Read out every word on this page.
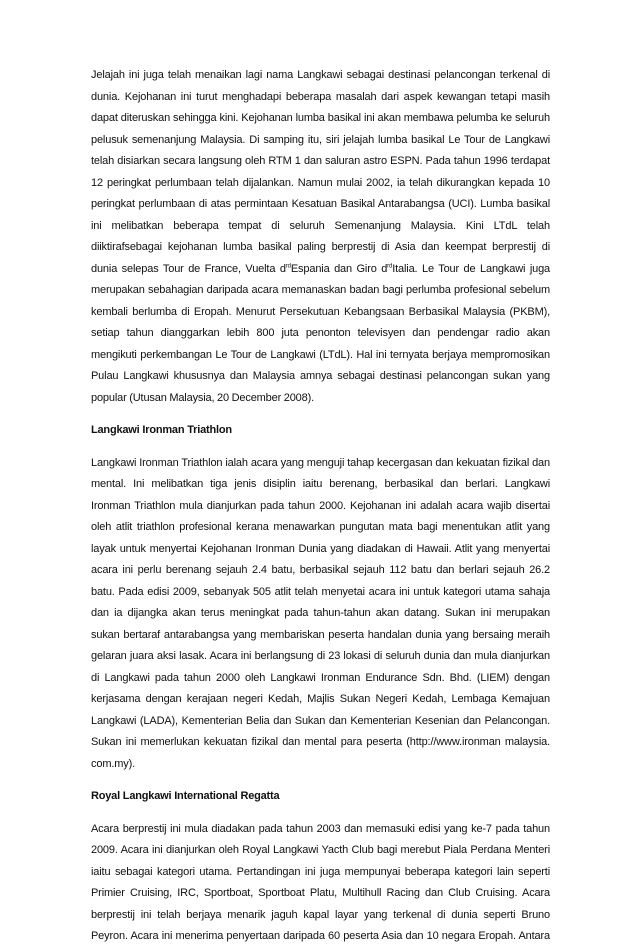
Jelajah ini juga telah menaikan lagi nama Langkawi sebagai destinasi pelancongan terkenal di
dunia. Kejohanan ini turut menghadapi beberapa masalah dari aspek kewangan tetapi masih
dapat diteruskan sehingga kini. Kejohanan lumba basikal ini akan membawa pelumba ke seluruh
pelusuk semenanjung Malaysia. Di samping itu, siri jelajah lumba basikal Le Tour de Langkawi
telah disiarkan secara langsung oleh RTM 1 dan saluran astro ESPN. Pada tahun 1996 terdapat
12 peringkat perlumbaan telah dijalankan. Namun mulai 2002, ia telah dikurangkan kepada 10
peringkat perlumbaan di atas permintaan Kesatuan Basikal Antarabangsa (UCI). Lumba basikal
ini melibatkan beberapa tempat di seluruh Semenanjung Malaysia. Kini LTdL telah
diiktirafsebagai kejohanan lumba basikal paling berprestij di Asia dan keempat berprestij di
dunia selepas Tour de France, Vuelta $d^{rd}Espania$ dan Giro $d^{rd}Italia$. Le Tour de Langkawi juga
merupakan sebahagian daripada acara memanaskan badan bagi perlumba profesional sebelum
kembali berlumba di Eropah. Menurut Persekutuan Kebangsaan Berbasikal Malaysia (PKBM),
setiap tahun dianggarkan lebih 800 juta penonton televisyen dan pendengar radio akan
mengikuti perkembangan Le Tour de Langkawi (LTdL). Hal ini ternyata berjaya mempromosikan
Pulau Langkawi khususnya dan Malaysia amnya sebagai destinasi pelancongan sukan yang
popular (Utusan Malaysia, 20 December 2008).
Langkawi Ironman Triathlon
Langkawi Ironman Triathlon ialah acara yang menguji tahap kecergasan dan kekuatan fizikal dan
mental. Ini melibatkan tiga jenis disiplin iaitu berenang, berbasikal dan berlari. Langkawi
Ironman Triathlon mula dianjurkan pada tahun 2000. Kejohanan ini adalah acara wajib disertai
oleh atlit triathlon profesional kerana menawarkan pungutan mata bagi menentukan atlit yang
layak untuk menyertai Kejohanan Ironman Dunia yang diadakan di Hawaii. Atlit yang menyertai
acara ini perlu berenang sejauh 2.4 batu, berbasikal sejauh 112 batu dan berlari sejauh 26.2
batu. Pada edisi 2009, sebanyak 505 atlit telah menyetai acara ini untuk kategori utama sahaja
dan ia dijangka akan terus meningkat pada tahun-tahun akan datang. Sukan ini merupakan
sukan bertaraf antarabangsa yang membariskan peserta handalan dunia yang bersaing meraih
gelaran juara aksi lasak. Acara ini berlangsung di 23 lokasi di seluruh dunia dan mula dianjurkan
di Langkawi pada tahun 2000 oleh Langkawi Ironman Endurance Sdn. Bhd. (LIEM) dengan
kerjasama dengan kerajaan negeri Kedah, Majlis Sukan Negeri Kedah, Lembaga Kemajuan
Langkawi (LADA), Kementerian Belia dan Sukan dan Kementerian Kesenian dan Pelancongan.
Sukan ini memerlukan kekuatan fizikal dan mental para peserta (http://www.ironman malaysia.
com.my).
Royal Langkawi International Regatta
Acara berprestij ini mula diadakan pada tahun 2003 dan memasuki edisi yang ke-7 pada tahun
2009. Acara ini dianjurkan oleh Royal Langkawi Yacth Club bagi merebut Piala Perdana Menteri
iaitu sebagai kategori utama. Pertandingan ini juga mempunyai beberapa kategori lain seperti
Primier Cruising, IRC, Sportboat, Sportboat Platu, Multihull Racing dan Club Cruising. Acara
berprestij ini telah berjaya menarik jaguh kapal layar yang terkenal di dunia seperti Bruno
Peyron. Acara ini menerima penyertaan daripada 60 peserta Asia dan 10 negara Eropah. Antara
